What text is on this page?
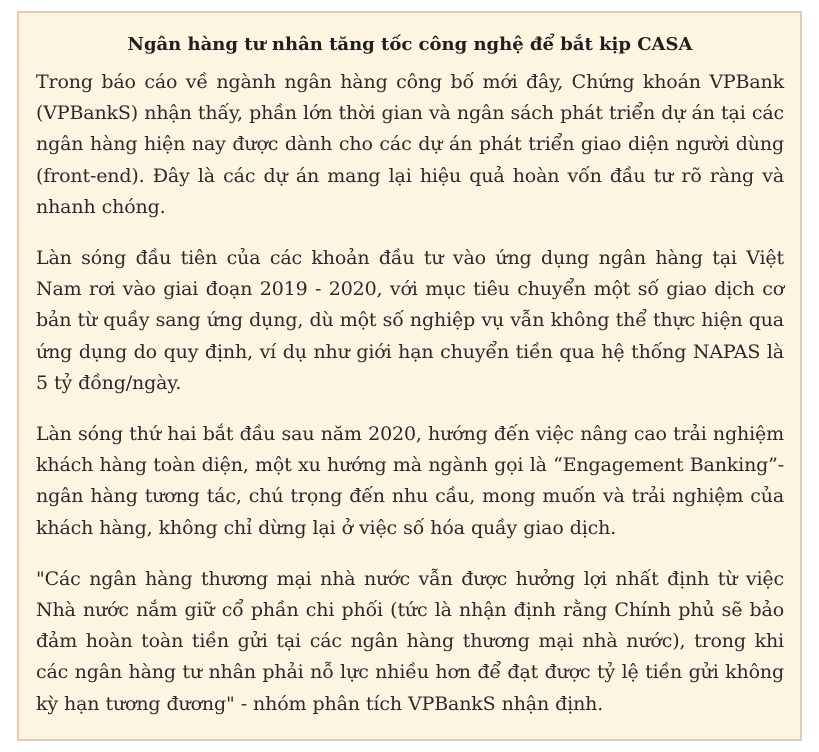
Ngân hàng tư nhân tăng tốc công nghệ để bắt kịp CASA

Trong báo cáo về ngành ngân hàng công bố mới đây, Chứng khoán VPBank (VPBankS) nhận thấy, phần lớn thời gian và ngân sách phát triển dự án tại các ngân hàng hiện nay được dành cho các dự án phát triển giao diện người dùng (front-end). Đây là các dự án mang lại hiệu quả hoàn vốn đầu tư rõ ràng và nhanh chóng.

Làn sóng đầu tiên của các khoản đầu tư vào ứng dụng ngân hàng tại Việt Nam rơi vào giai đoạn 2019 - 2020, với mục tiêu chuyển một số giao dịch cơ bản từ quầy sang ứng dụng, dù một số nghiệp vụ vẫn không thể thực hiện qua ứng dụng do quy định, ví dụ như giới hạn chuyển tiền qua hệ thống NAPAS là 5 tỷ đồng/ngày.

Làn sóng thứ hai bắt đầu sau năm 2020, hướng đến việc nâng cao trải nghiệm khách hàng toàn diện, một xu hướng mà ngành gọi là “Engagement Banking”- ngân hàng tương tác, chú trọng đến nhu cầu, mong muốn và trải nghiệm của khách hàng, không chỉ dừng lại ở việc số hóa quầy giao dịch.

"Các ngân hàng thương mại nhà nước vẫn được hưởng lợi nhất định từ việc Nhà nước nắm giữ cổ phần chi phối (tức là nhận định rằng Chính phủ sẽ bảo đảm hoàn toàn tiền gửi tại các ngân hàng thương mại nhà nước), trong khi các ngân hàng tư nhân phải nỗ lực nhiều hơn để đạt được tỷ lệ tiền gửi không kỳ hạn tương đương" - nhóm phân tích VPBankS nhận định.
